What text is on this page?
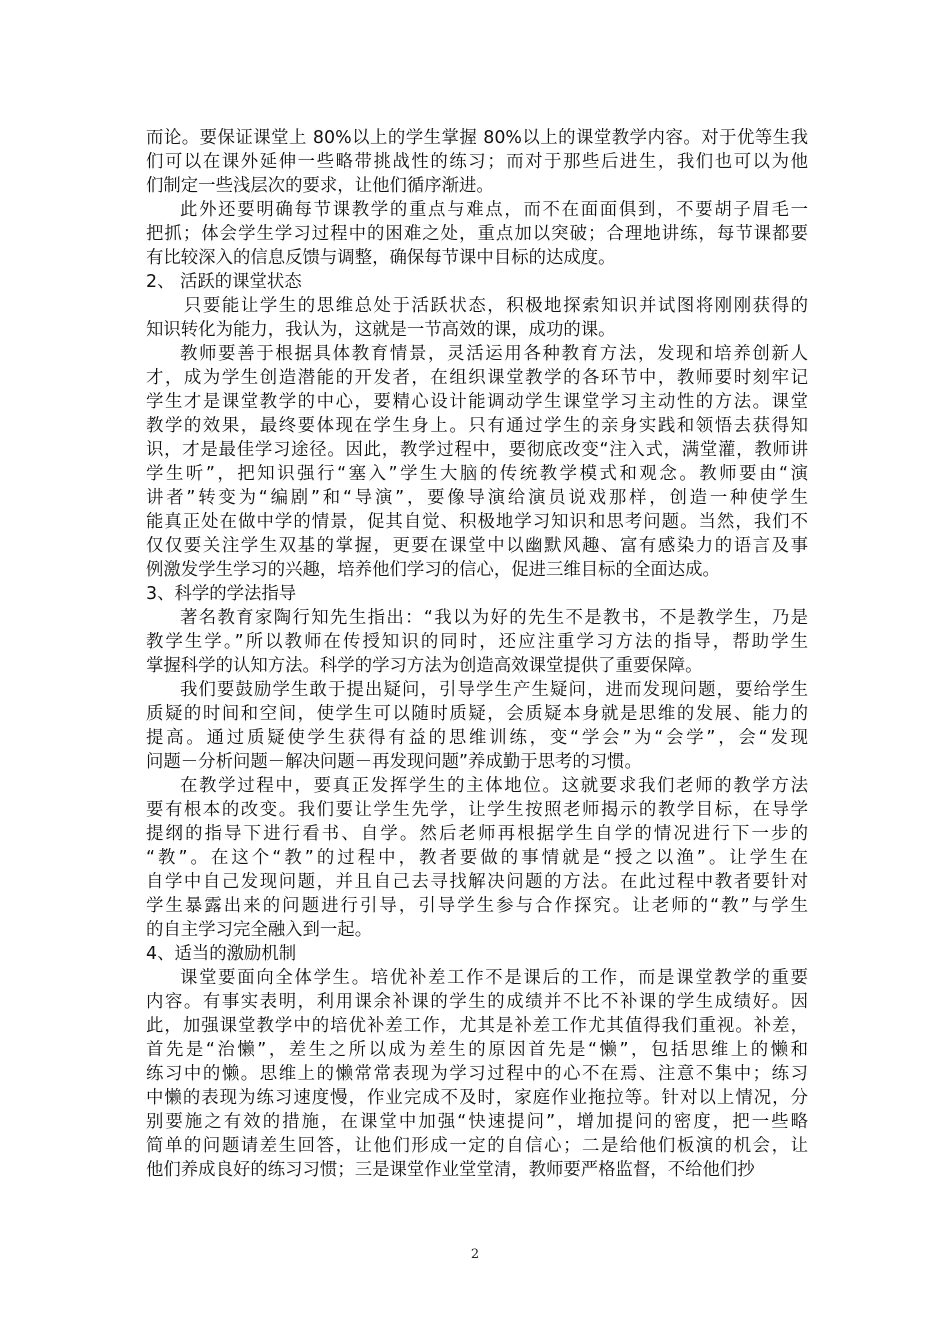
而论。要保证课堂上 80%以上的学生掌握 80%以上的课堂教学内容。对于优等生我
们可以在课外延伸一些略带挑战性的练习；而对于那些后进生，我们也可以为他
们制定一些浅层次的要求，让他们循序渐进。
此外还要明确每节课教学的重点与难点，而不在面面俱到，不要胡子眉毛一
把抓；体会学生学习过程中的困难之处，重点加以突破；合理地讲练，每节课都要
有比较深入的信息反馈与调整，确保每节课中目标的达成度。
2、 活跃的课堂状态
只要能让学生的思维总处于活跃状态，积极地探索知识并试图将刚刚获得的
知识转化为能力，我认为，这就是一节高效的课，成功的课。
教师要善于根据具体教育情景，灵活运用各种教育方法，发现和培养创新人
才，成为学生创造潜能的开发者，在组织课堂教学的各环节中，教师要时刻牢记
学生才是课堂教学的中心，要精心设计能调动学生课堂学习主动性的方法。课堂
教学的效果，最终要体现在学生身上。只有通过学生的亲身实践和领悟去获得知
识，才是最佳学习途径。因此，教学过程中，要彻底改变“注入式，满堂灌，教师讲
学生听”，把知识强行“塞入”学生大脑的传统教学模式和观念。教师要由“演
讲者”转变为“编剧”和“导演”，要像导演给演员说戏那样，创造一种使学生
能真正处在做中学的情景，促其自觉、积极地学习知识和思考问题。当然，我们不
仅仅要关注学生双基的掌握，更要在课堂中以幽默风趣、富有感染力的语言及事
例激发学生学习的兴趣，培养他们学习的信心，促进三维目标的全面达成。
3、科学的学法指导
著名教育家陶行知先生指出：“我以为好的先生不是教书，不是教学生，乃是
教学生学。”所以教师在传授知识的同时，还应注重学习方法的指导，帮助学生
掌握科学的认知方法。科学的学习方法为创造高效课堂提供了重要保障。
我们要鼓励学生敢于提出疑问，引导学生产生疑问，进而发现问题，要给学生
质疑的时间和空间，使学生可以随时质疑，会质疑本身就是思维的发展、能力的
提高。通过质疑使学生获得有益的思维训练，变“学会”为“会学”，会“发现
问题－分析问题－解决问题－再发现问题”养成勤于思考的习惯。
在教学过程中，要真正发挥学生的主体地位。这就要求我们老师的教学方法
要有根本的改变。我们要让学生先学，让学生按照老师揭示的教学目标，在导学
提纲的指导下进行看书、自学。然后老师再根据学生自学的情况进行下一步的
“教”。在这个“教”的过程中，教者要做的事情就是“授之以渔”。让学生在
自学中自己发现问题，并且自己去寻找解决问题的方法。在此过程中教者要针对
学生暴露出来的问题进行引导，引导学生参与合作探究。让老师的“教”与学生
的自主学习完全融入到一起。
4、适当的激励机制
课堂要面向全体学生。培优补差工作不是课后的工作，而是课堂教学的重要
内容。有事实表明，利用课余补课的学生的成绩并不比不补课的学生成绩好。因
此，加强课堂教学中的培优补差工作，尤其是补差工作尤其值得我们重视。补差，
首先是“治懒”，差生之所以成为差生的原因首先是“懒”，包括思维上的懒和
练习中的懒。思维上的懒常常表现为学习过程中的心不在焉、注意不集中；练习
中懒的表现为练习速度慢，作业完成不及时，家庭作业拖拉等。针对以上情况，分
别要施之有效的措施，在课堂中加强“快速提问”，增加提问的密度，把一些略
简单的问题请差生回答，让他们形成一定的自信心；二是给他们板演的机会，让
他们养成良好的练习习惯；三是课堂作业堂堂清，教师要严格监督，不给他们抄
2
